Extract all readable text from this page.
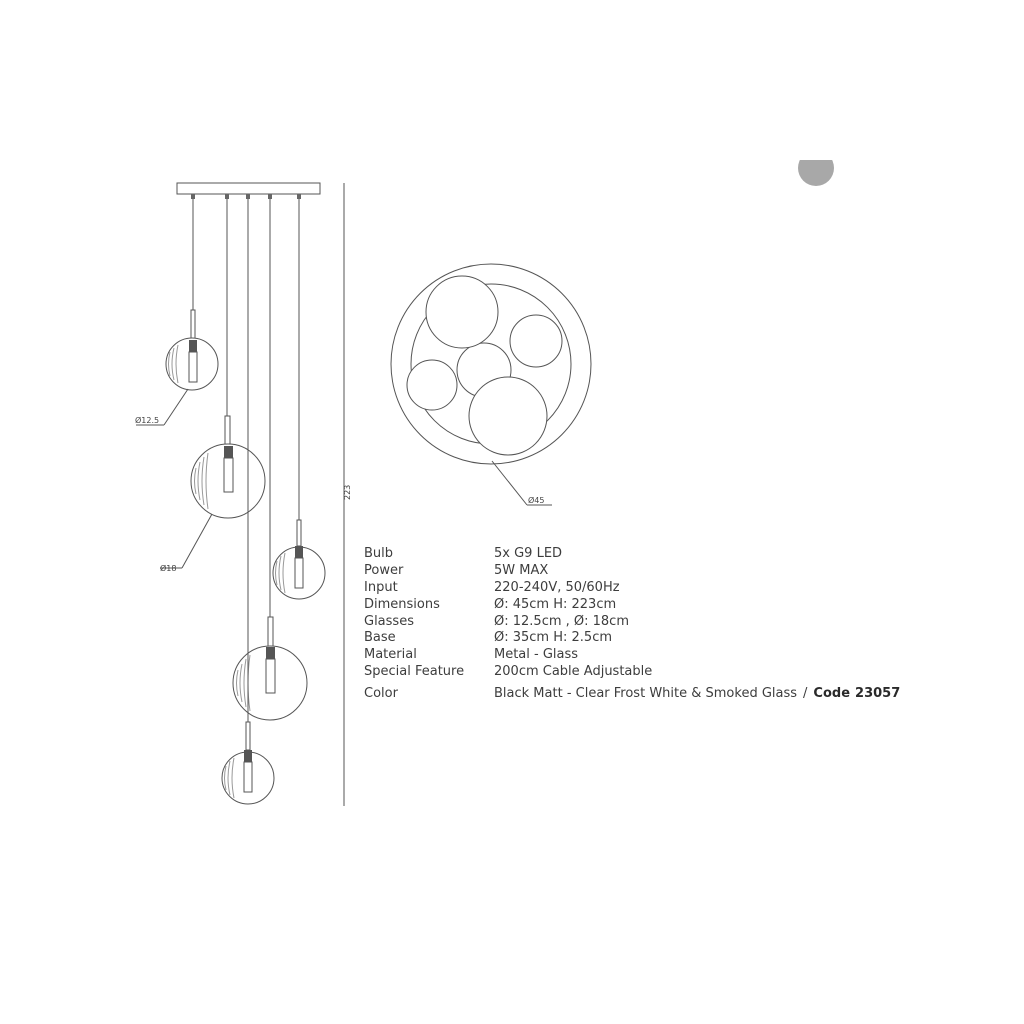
Ø12.5
Ø18
223
Ø45
Bulb	5x G9 LED
Power	5W MAX
Input	220-240V, 50/60Hz
Dimensions	Ø: 45cm H: 223cm
Glasses	Ø: 12.5cm , Ø: 18cm
Base	Ø: 35cm H: 2.5cm
Material	Metal - Glass
Special Feature	200cm Cable Adjustable
Color	Black Matt - Clear Frost White & Smoked Glass / Code 23057
